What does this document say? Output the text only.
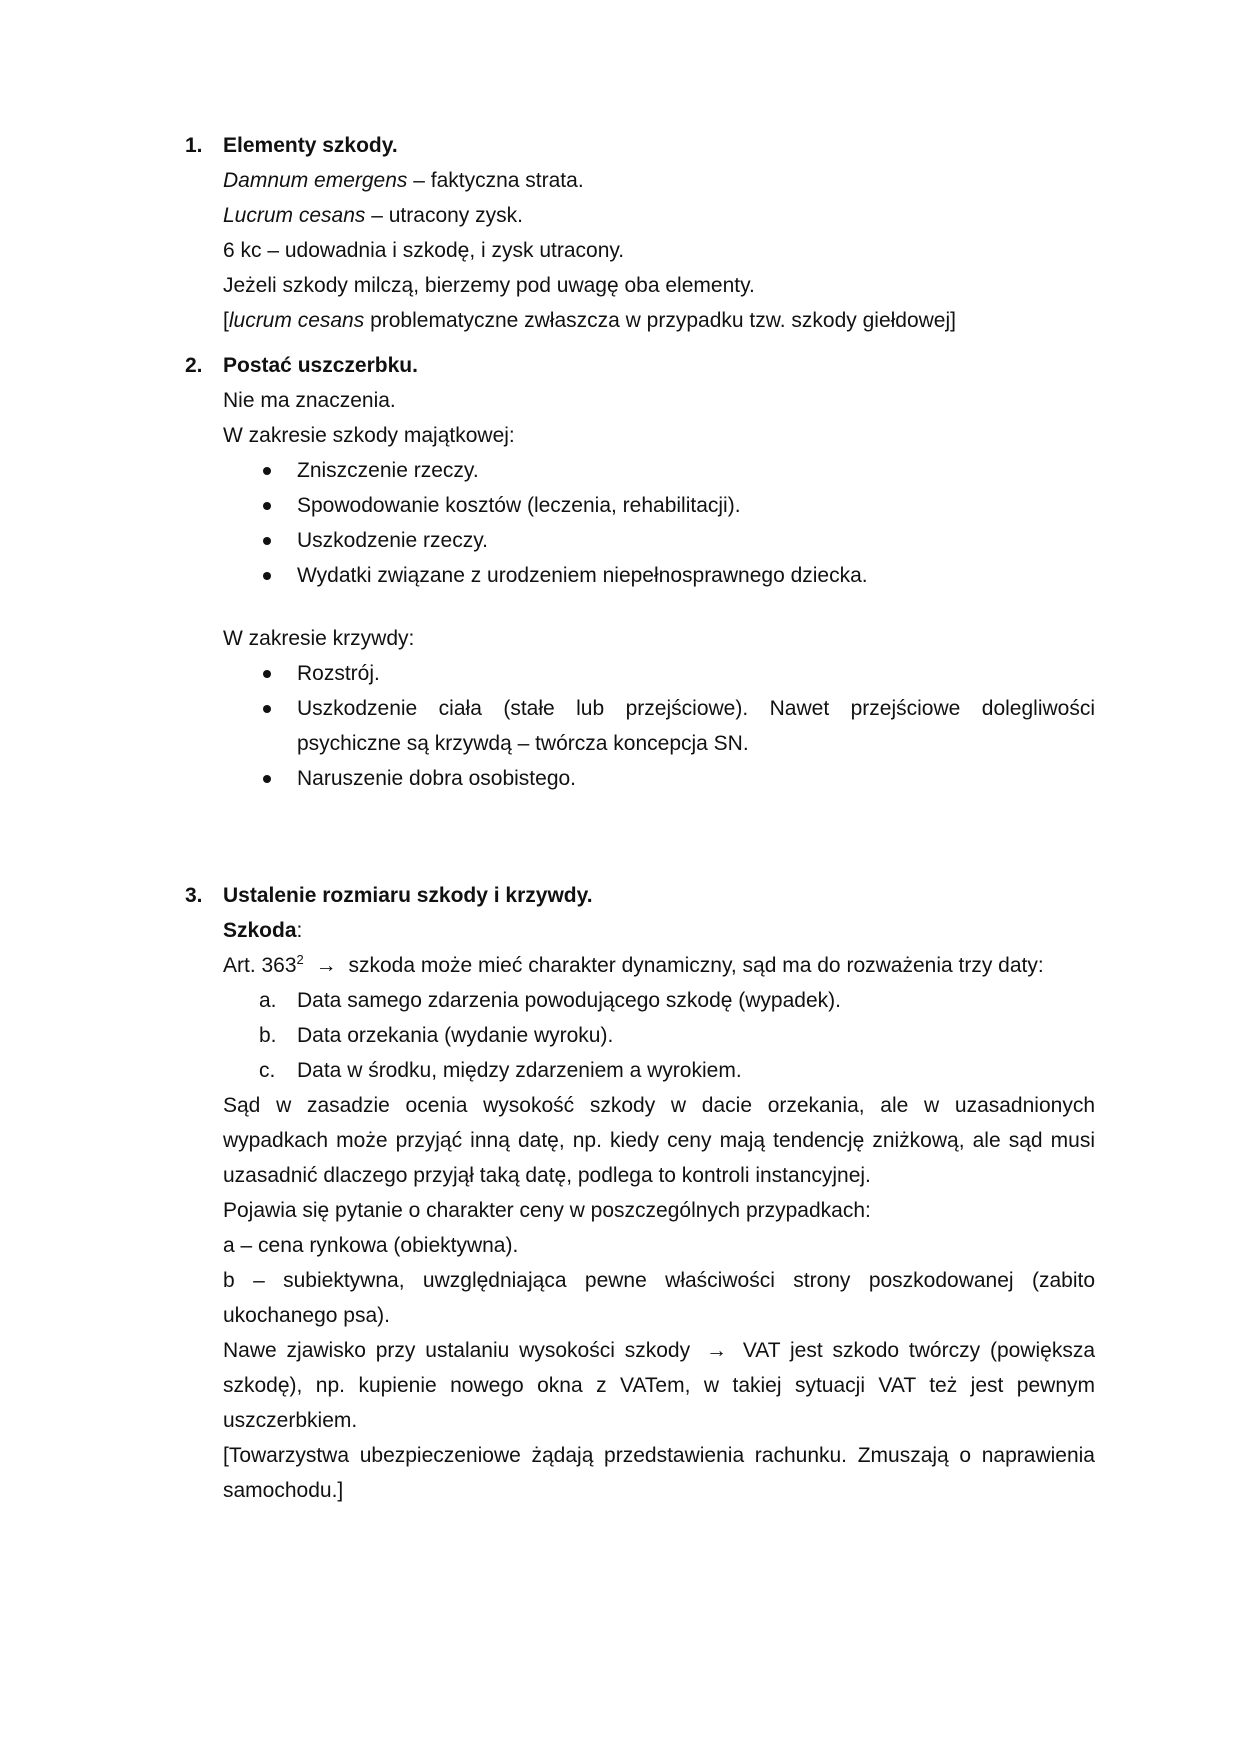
1. Elementy szkody.
Damnum emergens – faktyczna strata.
Lucrum cesans – utracony zysk.
6 kc – udowadnia i szkodę, i zysk utracony.
Jeżeli szkody milczą, bierzemy pod uwagę oba elementy.
[lucrum cesans problematyczne zwłaszcza w przypadku tzw. szkody giełdowej]
2. Postać uszczerbku.
Nie ma znaczenia.
W zakresie szkody majątkowej:
Zniszczenie rzeczy.
Spowodowanie kosztów (leczenia, rehabilitacji).
Uszkodzenie rzeczy.
Wydatki związane z urodzeniem niepełnosprawnego dziecka.
W zakresie krzywdy:
Rozstrój.
Uszkodzenie ciała (stałe lub przejściowe). Nawet przejściowe dolegliwości psychiczne są krzywdą – twórcza koncepcja SN.
Naruszenie dobra osobistego.
3. Ustalenie rozmiaru szkody i krzywdy.
Szkoda:
Art. $363^2$ → szkoda może mieć charakter dynamiczny, sąd ma do rozważenia trzy daty:
a. Data samego zdarzenia powodującego szkodę (wypadek).
b. Data orzekania (wydanie wyroku).
c. Data w środku, między zdarzeniem a wyrokiem.
Sąd w zasadzie ocenia wysokość szkody w dacie orzekania, ale w uzasadnionych wypadkach może przyjąć inną datę, np. kiedy ceny mają tendencję zniżkową, ale sąd musi uzasadnić dlaczego przyjął taką datę, podlega to kontroli instancyjnej.
Pojawia się pytanie o charakter ceny w poszczególnych przypadkach:
a – cena rynkowa (obiektywna).
b – subiektywna, uwzględniająca pewne właściwości strony poszkodowanej (zabito ukochanego psa).
Nawe zjawisko przy ustalaniu wysokości szkody → VAT jest szkodo twórczy (powiększa szkodę), np. kupienie nowego okna z VATem, w takiej sytuacji VAT też jest pewnym uszczerbkiem.
[Towarzystwa ubezpieczeniowe żądają przedstawienia rachunku. Zmuszają o naprawienia samochodu.]
